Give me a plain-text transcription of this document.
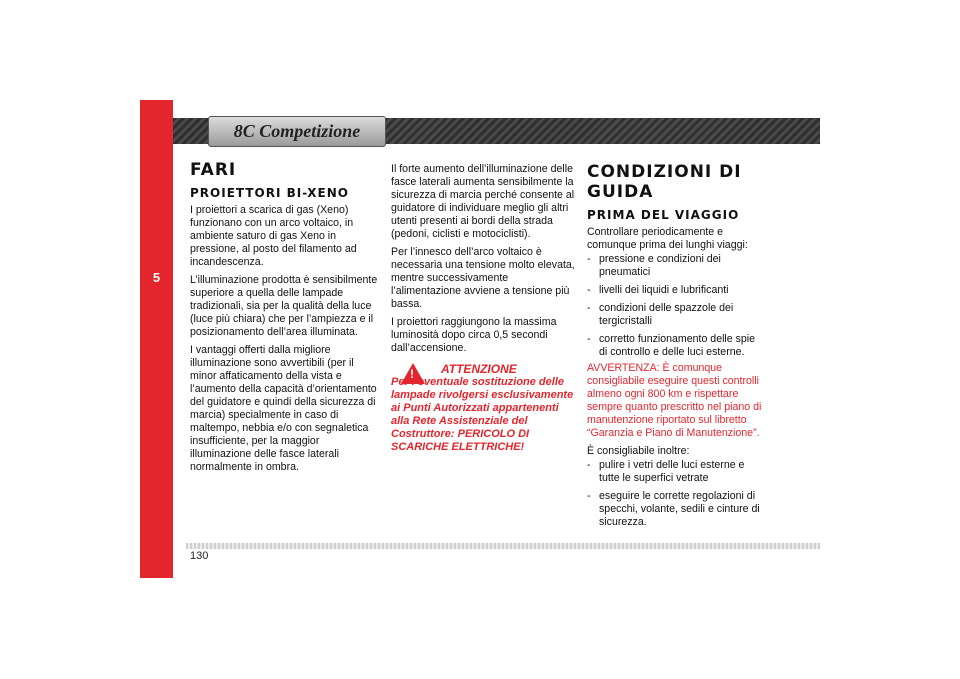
5
8C Competizione
FARI
PROIETTORI BI-XENO

I proiettori a scarica di gas (Xeno) funzionano con un arco voltaico, in ambiente saturo di gas Xeno in pressione, al posto del filamento ad incandescenza.

L’illuminazione prodotta è sensibilmente superiore a quella delle lampade tradizionali, sia per la qualità della luce (luce più chiara) che per l’ampiezza e il posizionamento dell’area illuminata.

I vantaggi offerti dalla migliore illuminazione sono avvertibili (per il minor affaticamento della vista e l’aumento della capacità d’orientamento del guidatore e quindi della sicurezza di marcia) specialmente in caso di maltempo, nebbia e/o con segnaletica insufficiente, per la maggior illuminazione delle fasce laterali normalmente in ombra.

Il forte aumento dell’illuminazione delle fasce laterali aumenta sensibilmente la sicurezza di marcia perché consente al guidatore di individuare meglio gli altri utenti presenti ai bordi della strada (pedoni, ciclisti e motociclisti).

Per l’innesco dell’arco voltaico è necessaria una tensione molto elevata, mentre successivamente l’alimentazione avviene a tensione più bassa.

I proiettori raggiungono la massima luminosità dopo circa 0,5 secondi dall’accensione.

!
ATTENZIONE
Per l’eventuale sostituzione delle lampade rivolgersi esclusivamente ai Punti Autorizzati appartenenti alla Rete Assistenziale del Costruttore: PERICOLO DI SCARICHE ELETTRICHE!
CONDIZIONI DI GUIDA
PRIMA DEL VIAGGIO

Controllare periodicamente e comunque prima dei lunghi viaggi:

- pressione e condizioni dei pneumatici

- livelli dei liquidi e lubrificanti

- condizioni delle spazzole dei tergicristalli

- corretto funzionamento delle spie di controllo e delle luci esterne.

AVVERTENZA: È comunque consigliabile eseguire questi controlli almeno ogni 800 km e rispettare sempre quanto prescritto nel piano di manutenzione riportato sul libretto “Garanzia e Piano di Manutenzione”.

È consigliabile inoltre:

- pulire i vetri delle luci esterne e tutte le superfici vetrate

- eseguire le corrette regolazioni di specchi, volante, sedili e cinture di sicurezza.

130
